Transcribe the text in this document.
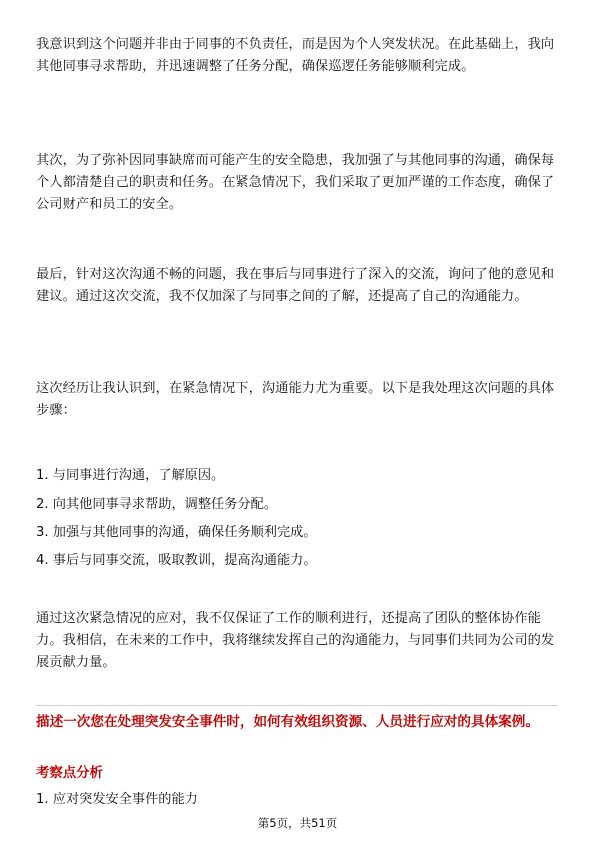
我意识到这个问题并非由于同事的不负责任，而是因为个人突发状况。在此基础上，我向其他同事寻求帮助，并迅速调整了任务分配，确保巡逻任务能够顺利完成。

其次，为了弥补因同事缺席而可能产生的安全隐患，我加强了与其他同事的沟通，确保每个人都清楚自己的职责和任务。在紧急情况下，我们采取了更加严谨的工作态度，确保了公司财产和员工的安全。

最后，针对这次沟通不畅的问题，我在事后与同事进行了深入的交流，询问了他的意见和建议。通过这次交流，我不仅加深了与同事之间的了解，还提高了自己的沟通能力。

这次经历让我认识到，在紧急情况下，沟通能力尤为重要。以下是我处理这次问题的具体步骤：

1. 与同事进行沟通，了解原因。

2. 向其他同事寻求帮助，调整任务分配。

3. 加强与其他同事的沟通，确保任务顺利完成。

4. 事后与同事交流，吸取教训，提高沟通能力。

通过这次紧急情况的应对，我不仅保证了工作的顺利进行，还提高了团队的整体协作能力。我相信，在未来的工作中，我将继续发挥自己的沟通能力，与同事们共同为公司的发展贡献力量。

描述一次您在处理突发安全事件时，如何有效组织资源、人员进行应对的具体案例。

考察点分析

1. 应对突发安全事件的能力

第5页，共51页
